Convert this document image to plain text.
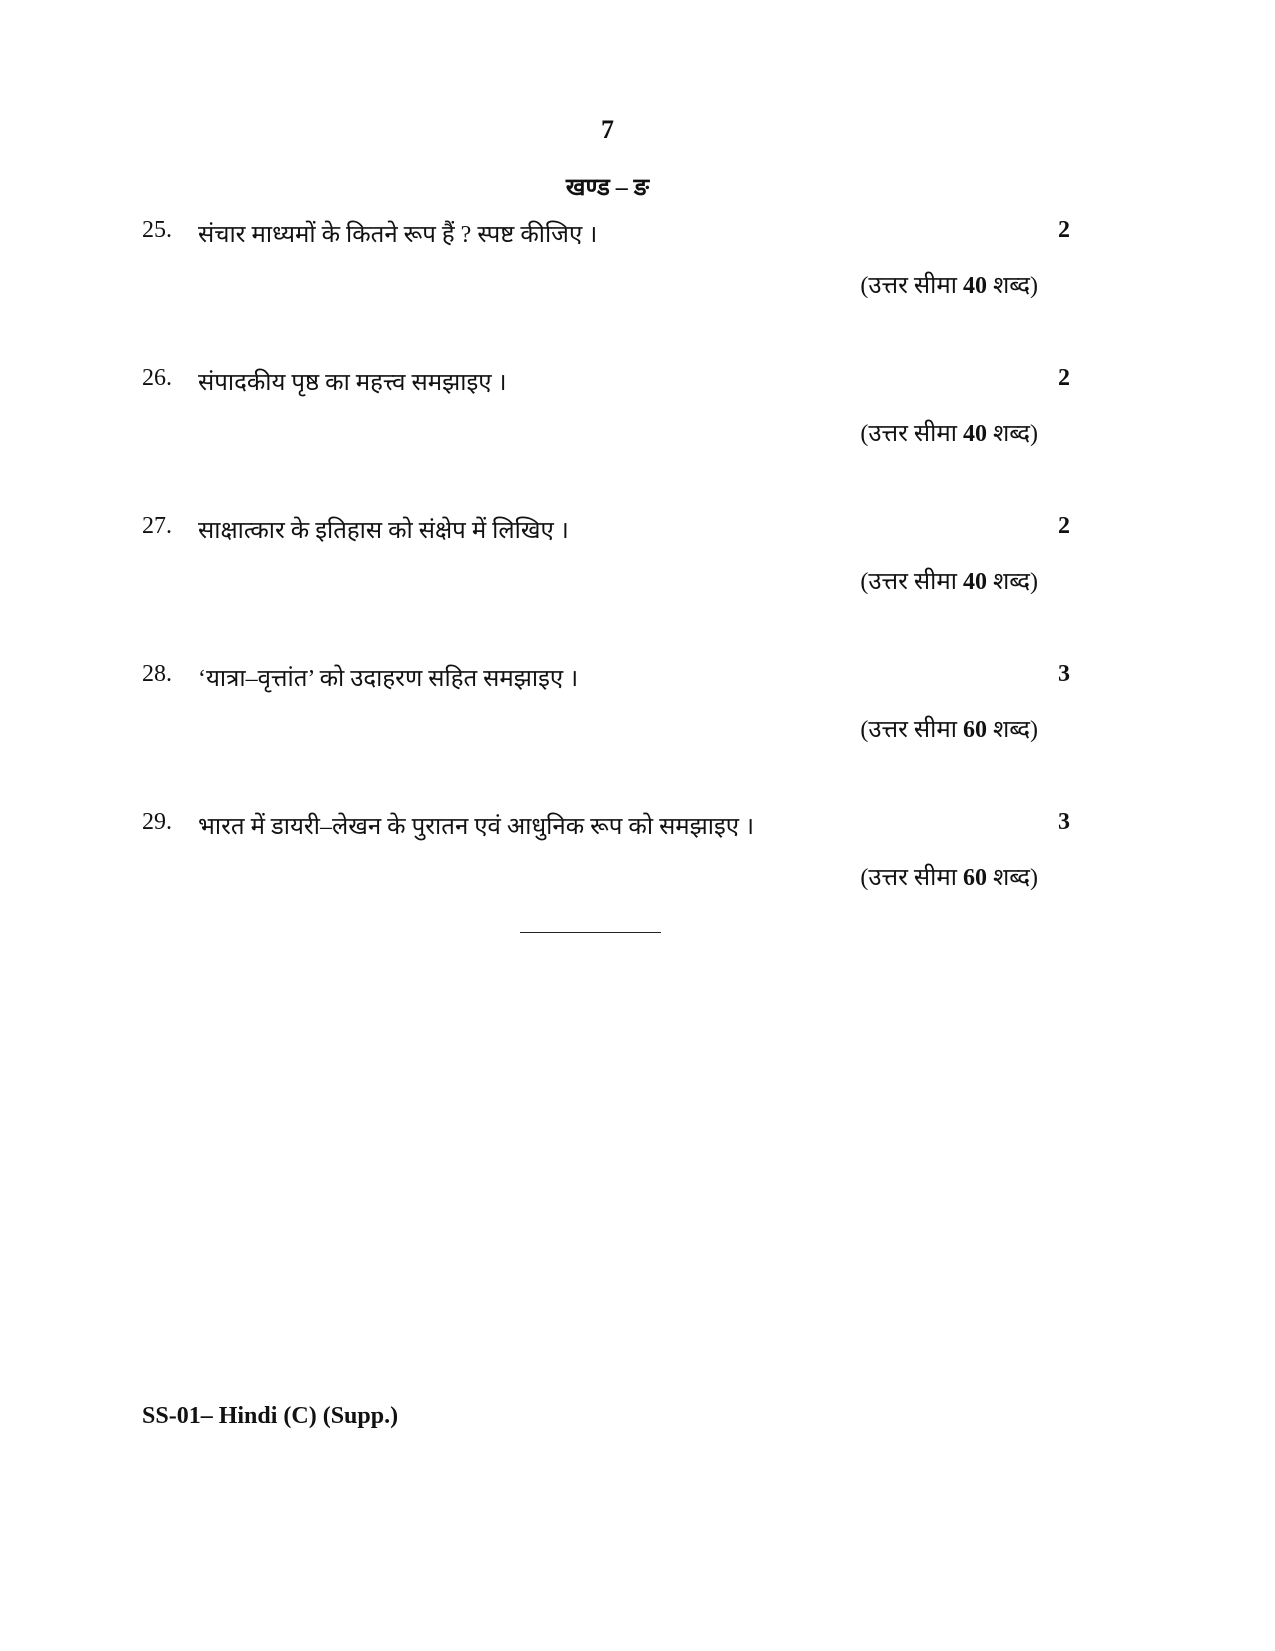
7
खण्ड – ङ
25. संचार माध्यमों के कितने रूप हैं ? स्पष्ट कीजिए ।	2
(उत्तर सीमा 40 शब्द)
26. संपादकीय पृष्ठ का महत्त्व समझाइए ।	2
(उत्तर सीमा 40 शब्द)
27. साक्षात्कार के इतिहास को संक्षेप में लिखिए ।	2
(उत्तर सीमा 40 शब्द)
28. ‘यात्रा–वृत्तांत’ को उदाहरण सहित समझाइए ।	3
(उत्तर सीमा 60 शब्द)
29. भारत में डायरी–लेखन के पुरातन एवं आधुनिक रूप को समझाइए ।	3
(उत्तर सीमा 60 शब्द)
SS-01– Hindi (C) (Supp.)
